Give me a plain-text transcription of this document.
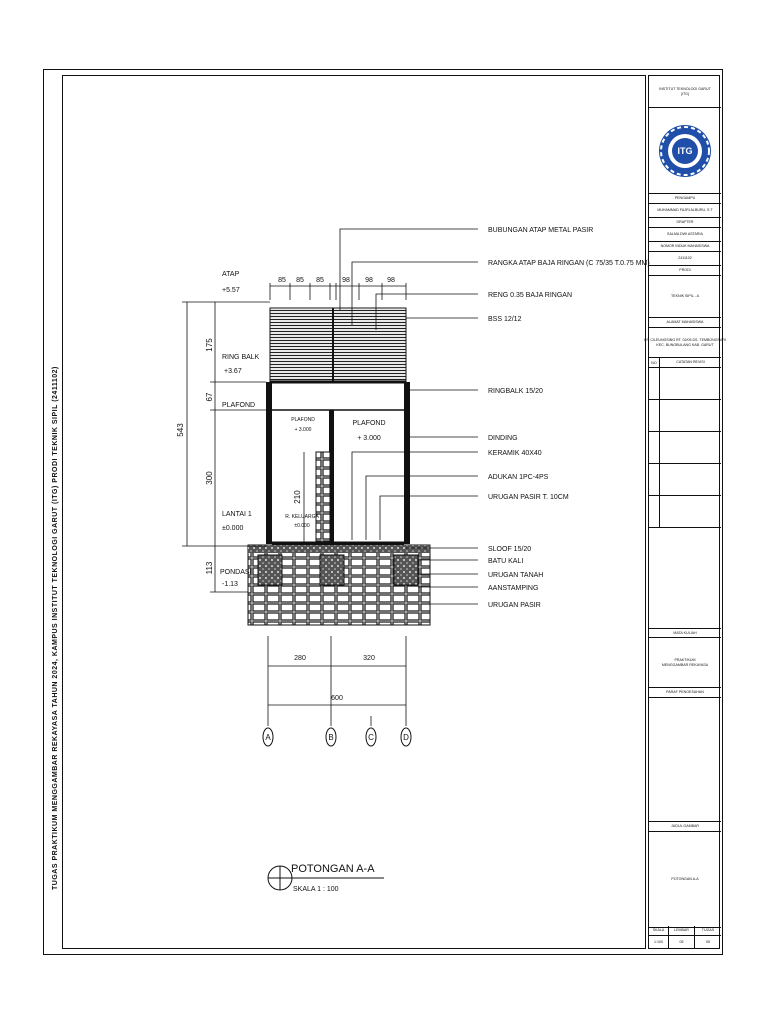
TUGAS PRAKTIKUM MENGGAMBAR REKAYASA TAHUN 2024, KAMPUS INSTITUT TEKNOLOGI GARUT (ITG) PRODI TEKNIK SIPIL (2411102)
INSTITUT TEKNOLOGI GARUT
(ITG)
ITG
PENGAMPU
MUHAMMAD FAJRI ALBURU, S.T
DRAFTER
SALMA DWI ASTARIA
NOMOR INDUK MAHASISWA
2411102
PRODI
TEKNIK SIPIL - A
ALAMAT MAHASISWA
KP. CILEUNGSING RT. 02/05 DS. TEMBONGSARI
KEC. BUNGBULANG KAB. GARUT
NO	CATATAN REVISI
MATA KULIAH
PRAKTIKUM
MENGGAMBAR REKAYASA
PARAF PENGESAHAN
JUDUL GAMBAR
POTONGAN A-A
SKALA
1:100
LEMBAR
05
TUGAS
05
543
175
67
300
113
210
ATAP
+5.57
RING BALK
+3.67
PLAFOND
LANTAI 1
±0.000
PONDASI
-1.13
85 85 85	98 98 98
PLAFOND
+ 3.000
R. KELUARGA
±0.000
PLAFOND
+ 3.000
BUBUNGAN ATAP METAL PASIR
RANGKA ATAP BAJA RINGAN (C 75/35 T.0.75 MM)
RENG 0.35 BAJA RINGAN
BSS 12/12
RINGBALK 15/20
DINDING
KERAMIK 40X40
ADUKAN 1PC-4PS
URUGAN PASIR T. 10CM
SLOOF 15/20
BATU KALI
URUGAN TANAH
AANSTAMPING
URUGAN PASIR
280	320
600
A	B	C	D
POTONGAN A-A
SKALA 1 : 100
